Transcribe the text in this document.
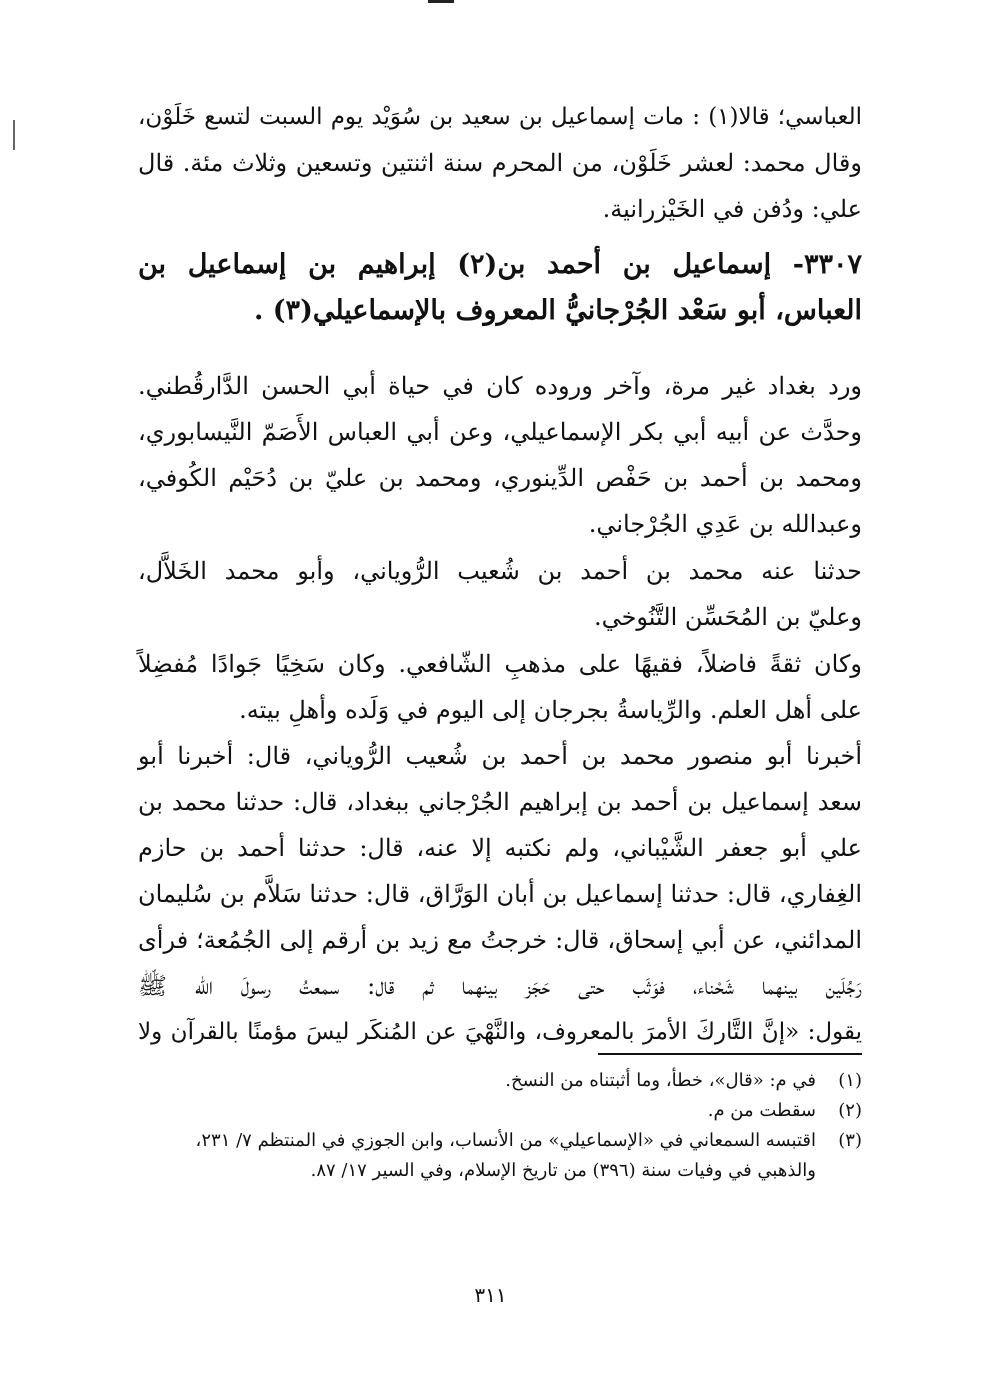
العباسي؛ قالا(١) : مات إسماعيل بن سعيد بن سُوَيْد يوم السبت لتسع خَلَوْن،
وقال محمد: لعشر خَلَوْن، من المحرم سنة اثنتين وتسعين وثلاث مئة. قال
علي: ودُفن في الخَيْزرانية.
٣٣٠٧- إسماعيل بن أحمد بن(٢) إبراهيم بن إسماعيل بن
العباس، أبو سَعْد الجُرْجانيُّ المعروف بالإسماعيلي(٣) .
ورد بغداد غير مرة، وآخر وروده كان في حياة أبي الحسن الدَّارقُطني.
وحدَّث عن أبيه أبي بكر الإسماعيلي، وعن أبي العباس الأَصَمّ النَّيسابوري،
ومحمد بن أحمد بن حَفْص الدِّينوري، ومحمد بن عليّ بن دُحَيْم الكُوفي،
وعبدالله بن عَدِي الجُرْجاني.
حدثنا عنه محمد بن أحمد بن شُعيب الرُّوياني، وأبو محمد الخَلاَّل،
وعليّ بن المُحَسِّن التَّنُوخي.
وكان ثقةً فاضلاً، فقيهًا على مذهبِ الشّافعي. وكان سَخِيًا جَوادًا مُفضِلاً
على أهل العلم. والرِّياسةُ بجرجان إلى اليوم في وَلَده وأهلِ بيته.
أخبرنا أبو منصور محمد بن أحمد بن شُعيب الرُّوياني، قال: أخبرنا أبو
سعد إسماعيل بن أحمد بن إبراهيم الجُرْجاني ببغداد، قال: حدثنا محمد بن
علي أبو جعفر الشَّيْباني، ولم نكتبه إلا عنه، قال: حدثنا أحمد بن حازم
الغِفاري، قال: حدثنا إسماعيل بن أبان الوَرَّاق، قال: حدثنا سَلاَّم بن سُليمان
المدائني، عن أبي إسحاق، قال: خرجتُ مع زيد بن أرقم إلى الجُمُعة؛ فرأى
رَجُلَين بينهما شَحْناء، فوَثَب حتى حَجَز بينهما ثم قال: سمعتُ رسولَ الله ﷺ
يقول: «إنَّ التَّاركَ الأمرَ بالمعروف، والنَّهْيَ عن المُنكَر ليسَ مؤمنًا بالقرآن ولا
(١)في م: «قال»، خطأ، وما أثبتناه من النسخ.
(٢)سقطت من م.
(٣)اقتبسه السمعاني في «الإسماعيلي» من الأنساب، وابن الجوزي في المنتظم ٧/ ٢٣١،
والذهبي في وفيات سنة (٣٩٦) من تاريخ الإسلام، وفي السير ١٧/ ٨٧.
٣١١
